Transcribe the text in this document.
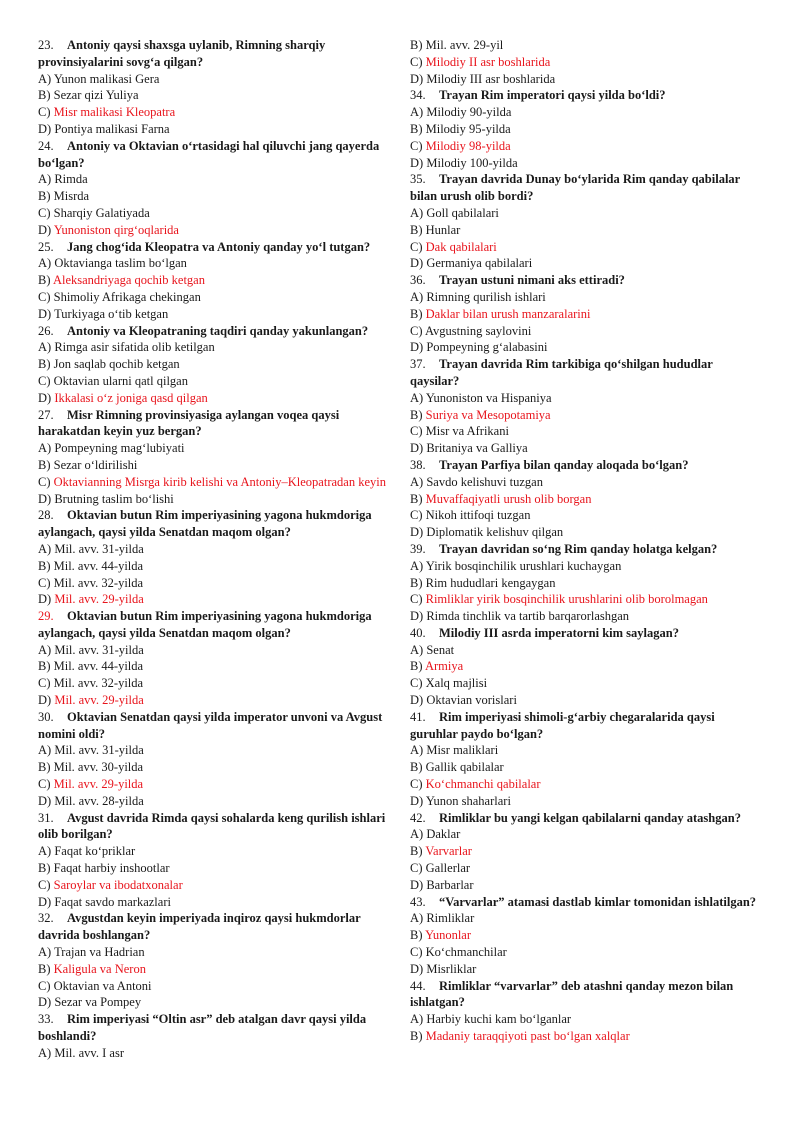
23. Antoniy qaysi shaxsga uylanib, Rimning sharqiy provinsiyalarini sovg‘a qilgan?
A) Yunon malikasi Gera
B) Sezar qizi Yuliya
C) Misr malikasi Kleopatra
D) Pontiya malikasi Farna
24. Antoniy va Oktavian o‘rtasidagi hal qiluvchi jang qayerda bo‘lgan?
A) Rimda
B) Misrda
C) Sharqiy Galatiyada
D) Yunoniston qirg‘oqlarida
25. Jang chog‘ida Kleopatra va Antoniy qanday yo‘l tutgan?
A) Oktavianga taslim bo‘lgan
B) Aleksandriyaga qochib ketgan
C) Shimoliy Afrikaga chekingan
D) Turkiyaga o‘tib ketgan
26. Antoniy va Kleopatraning taqdiri qanday yakunlangan?
A) Rimga asir sifatida olib ketilgan
B) Jon saqlab qochib ketgan
C) Oktavian ularni qatl qilgan
D) Ikkalasi o‘z joniga qasd qilgan
27. Misr Rimning provinsiyasiga aylangan voqea qaysi harakatdan keyin yuz bergan?
A) Pompeyning mag‘lubiyati
B) Sezar o‘ldirilishi
C) Oktavianning Misrga kirib kelishi va Antoniy–Kleopatradan keyin
D) Brutning taslim bo‘lishi
28. Oktavian butun Rim imperiyasining yagona hukmdoriga aylangach, qaysi yilda Senatdan maqom olgan?
A) Mil. avv. 31-yilda
B) Mil. avv. 44-yilda
C) Mil. avv. 32-yilda
D) Mil. avv. 29-yilda
29. Oktavian butun Rim imperiyasining yagona hukmdoriga aylangach, qaysi yilda Senatdan maqom olgan?
A) Mil. avv. 31-yilda
B) Mil. avv. 44-yilda
C) Mil. avv. 32-yilda
D) Mil. avv. 29-yilda
30. Oktavian Senatdan qaysi yilda imperator unvoni va Avgust nomini oldi?
A) Mil. avv. 31-yilda
B) Mil. avv. 30-yilda
C) Mil. avv. 29-yilda
D) Mil. avv. 28-yilda
31. Avgust davrida Rimda qaysi sohalarda keng qurilish ishlari olib borilgan?
A) Faqat ko‘priklar
B) Faqat harbiy inshootlar
C) Saroylar va ibodatxonalar
D) Faqat savdo markazlari
32. Avgustdan keyin imperiyada inqiroz qaysi hukmdorlar davrida boshlangan?
A) Trajan va Hadrian
B) Kaligula va Neron
C) Oktavian va Antoni
D) Sezar va Pompey
33. Rim imperiyasi “Oltin asr” deb atalgan davr qaysi yilda boshlandi?
A) Mil. avv. I asr
B) Mil. avv. 29-yil
C) Milodiy II asr boshlarida
D) Milodiy III asr boshlarida
34. Trayan Rim imperatori qaysi yilda bo‘ldi?
A) Milodiy 90-yilda
B) Milodiy 95-yilda
C) Milodiy 98-yilda
D) Milodiy 100-yilda
35. Trayan davrida Dunay bo‘ylarida Rim qanday qabilalar bilan urush olib bordi?
A) Goll qabilalari
B) Hunlar
C) Dak qabilalari
D) Germaniya qabilalari
36. Trayan ustuni nimani aks ettiradi?
A) Rimning qurilish ishlari
B) Daklar bilan urush manzaralarini
C) Avgustning saylovini
D) Pompeyning g‘alabasini
37. Trayan davrida Rim tarkibiga qo‘shilgan hududlar qaysilar?
A) Yunoniston va Hispaniya
B) Suriya va Mesopotamiya
C) Misr va Afrikani
D) Britaniya va Galliya
38. Trayan Parfiya bilan qanday aloqada bo‘lgan?
A) Savdo kelishuvi tuzgan
B) Muvaffaqiyatli urush olib borgan
C) Nikoh ittifoqi tuzgan
D) Diplomatik kelishuv qilgan
39. Trayan davridan so‘ng Rim qanday holatga kelgan?
A) Yirik bosqinchilik urushlari kuchaygan
B) Rim hududlari kengaygan
C) Rimliklar yirik bosqinchilik urushlarini olib borolmagan
D) Rimda tinchlik va tartib barqarorlashgan
40. Milodiy III asrda imperatorni kim saylagan?
A) Senat
B) Armiya
C) Xalq majlisi
D) Oktavian vorislari
41. Rim imperiyasi shimoli-g‘arbiy chegaralarida qaysi guruhlar paydo bo‘lgan?
A) Misr maliklari
B) Gallik qabilalar
C) Ko‘chmanchi qabilalar
D) Yunon shaharlari
42. Rimliklar bu yangi kelgan qabilalarni qanday atashgan?
A) Daklar
B) Varvarlar
C) Gallerlar
D) Barbarlar
43. “Varvarlar” atamasi dastlab kimlar tomonidan ishlatilgan?
A) Rimliklar
B) Yunonlar
C) Ko‘chmanchilar
D) Misrliklar
44. Rimliklar “varvarlar” deb atashni qanday mezon bilan ishlatgan?
A) Harbiy kuchi kam bo‘lganlar
B) Madaniy taraqqiyoti past bo‘lgan xalqlar
